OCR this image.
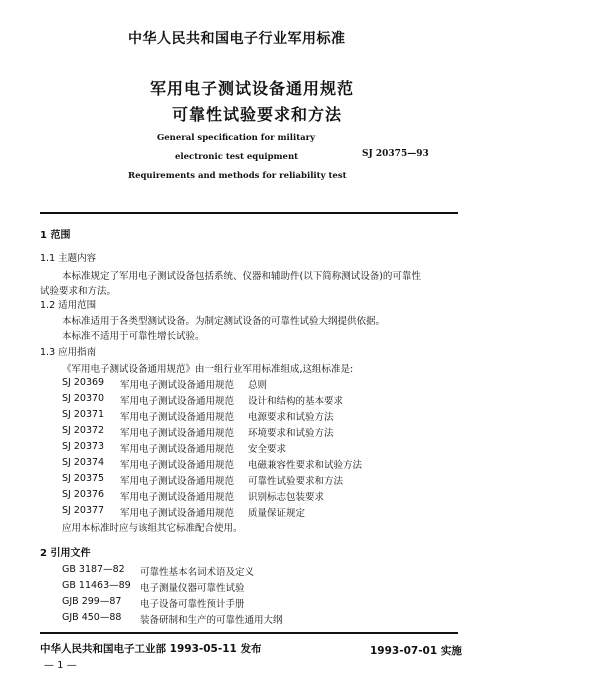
中华人民共和国电子行业军用标准
军用电子测试设备通用规范
可靠性试验要求和方法
General specification for military
electronic test equipment
Requirements and methods for reliability test
SJ 20375—93
1 范围
1.1 主题内容
本标准规定了军用电子测试设备包括系统、仪器和辅助件(以下简称测试设备)的可靠性
试验要求和方法。
1.2 适用范围
本标准适用于各类型测试设备。为制定测试设备的可靠性试验大纲提供依据。
本标准不适用于可靠性增长试验。
1.3 应用指南
《军用电子测试设备通用规范》由一组行业军用标准组成,这组标准是:
SJ 20369 军用电子测试设备通用规范 总则
SJ 20370 军用电子测试设备通用规范 设计和结构的基本要求
SJ 20371 军用电子测试设备通用规范 电源要求和试验方法
SJ 20372 军用电子测试设备通用规范 环境要求和试验方法
SJ 20373 军用电子测试设备通用规范 安全要求
SJ 20374 军用电子测试设备通用规范 电磁兼容性要求和试验方法
SJ 20375 军用电子测试设备通用规范 可靠性试验要求和方法
SJ 20376 军用电子测试设备通用规范 识别标志包装要求
SJ 20377 军用电子测试设备通用规范 质量保证规定
应用本标准时应与该组其它标准配合使用。
2 引用文件
GB 3187—82 可靠性基本名词术语及定义
GB 11463—89 电子测量仪器可靠性试验
GJB 299—87 电子设备可靠性预计手册
GJB 450—88 装备研制和生产的可靠性通用大纲
中华人民共和国电子工业部 1993-05-11 发布	1993-07-01 实施
— 1 —
